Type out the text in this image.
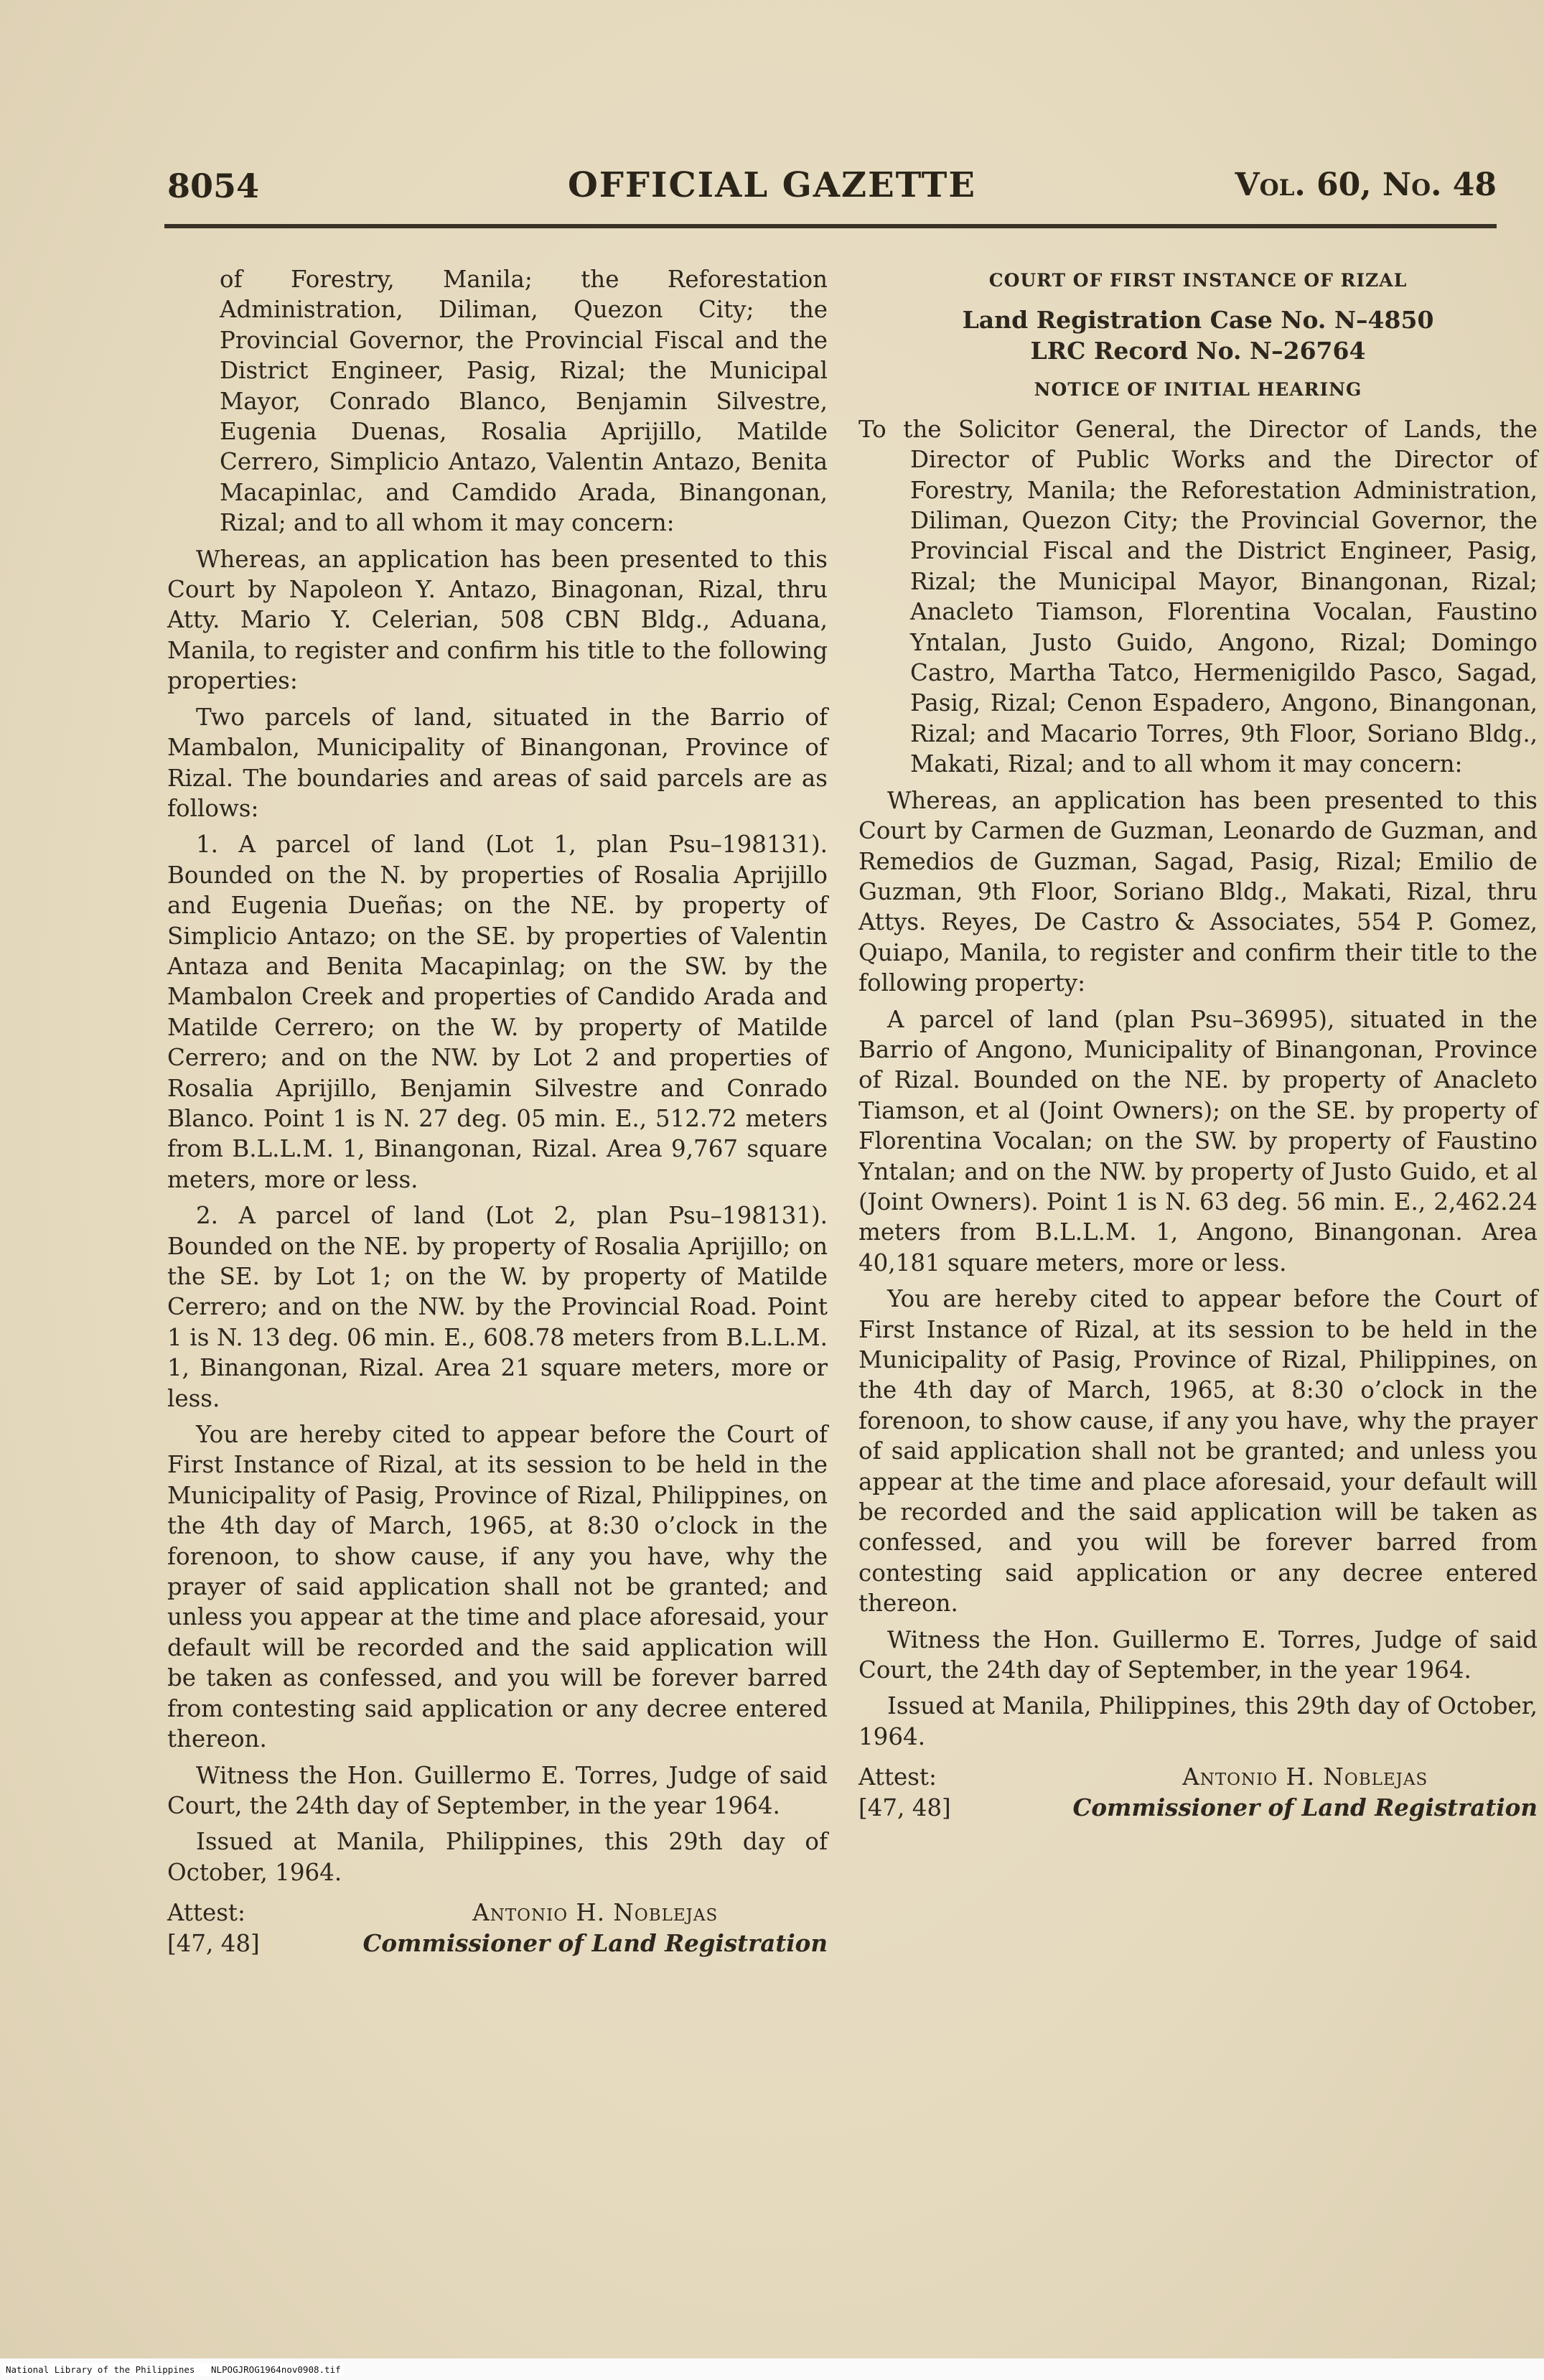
8054	OFFICIAL GAZETTE	Vol. 60, No. 48

of Forestry, Manila; the Reforestation Administration, Diliman, Quezon City; the Provincial Governor, the Provincial Fiscal and the District Engineer, Pasig, Rizal; the Municipal Mayor, Conrado Blanco, Benjamin Silvestre, Eugenia Duenas, Rosalia Aprijillo, Matilde Cerrero, Simplicio Antazo, Valentin Antazo, Benita Macapinlac, and Camdido Arada, Binangonan, Rizal; and to all whom it may concern:

Whereas, an application has been presented to this Court by Napoleon Y. Antazo, Binagonan, Rizal, thru Atty. Mario Y. Celerian, 508 CBN Bldg., Aduana, Manila, to register and confirm his title to the following properties:

Two parcels of land, situated in the Barrio of Mambalon, Municipality of Binangonan, Province of Rizal. The boundaries and areas of said parcels are as follows:

1. A parcel of land (Lot 1, plan Psu–198131). Bounded on the N. by properties of Rosalia Aprijillo and Eugenia Dueñas; on the NE. by property of Simplicio Antazo; on the SE. by properties of Valentin Antaza and Benita Macapinlag; on the SW. by the Mambalon Creek and properties of Candido Arada and Matilde Cerrero; on the W. by property of Matilde Cerrero; and on the NW. by Lot 2 and properties of Rosalia Aprijillo, Benjamin Silvestre and Conrado Blanco. Point 1 is N. 27 deg. 05 min. E., 512.72 meters from B.L.L.M. 1, Binangonan, Rizal. Area 9,767 square meters, more or less.

2. A parcel of land (Lot 2, plan Psu–198131). Bounded on the NE. by property of Rosalia Aprijillo; on the SE. by Lot 1; on the W. by property of Matilde Cerrero; and on the NW. by the Provincial Road. Point 1 is N. 13 deg. 06 min. E., 608.78 meters from B.L.L.M. 1, Binangonan, Rizal. Area 21 square meters, more or less.

You are hereby cited to appear before the Court of First Instance of Rizal, at its session to be held in the Municipality of Pasig, Province of Rizal, Philippines, on the 4th day of March, 1965, at 8:30 o’clock in the forenoon, to show cause, if any you have, why the prayer of said application shall not be granted; and unless you appear at the time and place aforesaid, your default will be recorded and the said application will be taken as confessed, and you will be forever barred from contesting said application or any decree entered thereon.

Witness the Hon. Guillermo E. Torres, Judge of said Court, the 24th day of September, in the year 1964.

Issued at Manila, Philippines, this 29th day of October, 1964.

Attest:
[47, 48]
Antonio H. Noblejas
Commissioner of Land Registration

COURT OF FIRST INSTANCE OF RIZAL

Land Registration Case No. N–4850

LRC Record No. N–26764

NOTICE OF INITIAL HEARING

To the Solicitor General, the Director of Lands, the Director of Public Works and the Director of Forestry, Manila; the Reforestation Administration, Diliman, Quezon City; the Provincial Governor, the Provincial Fiscal and the District Engineer, Pasig, Rizal; the Municipal Mayor, Binangonan, Rizal; Anacleto Tiamson, Florentina Vocalan, Faustino Yntalan, Justo Guido, Angono, Rizal; Domingo Castro, Martha Tatco, Hermenigildo Pasco, Sagad, Pasig, Rizal; Cenon Espadero, Angono, Binangonan, Rizal; and Macario Torres, 9th Floor, Soriano Bldg., Makati, Rizal; and to all whom it may concern:

Whereas, an application has been presented to this Court by Carmen de Guzman, Leonardo de Guzman, and Remedios de Guzman, Sagad, Pasig, Rizal; Emilio de Guzman, 9th Floor, Soriano Bldg., Makati, Rizal, thru Attys. Reyes, De Castro & Associates, 554 P. Gomez, Quiapo, Manila, to register and confirm their title to the following property:

A parcel of land (plan Psu–36995), situated in the Barrio of Angono, Municipality of Binangonan, Province of Rizal. Bounded on the NE. by property of Anacleto Tiamson, et al (Joint Owners); on the SE. by property of Florentina Vocalan; on the SW. by property of Faustino Yntalan; and on the NW. by property of Justo Guido, et al (Joint Owners). Point 1 is N. 63 deg. 56 min. E., 2,462.24 meters from B.L.L.M. 1, Angono, Binangonan. Area 40,181 square meters, more or less.

You are hereby cited to appear before the Court of First Instance of Rizal, at its session to be held in the Municipality of Pasig, Province of Rizal, Philippines, on the 4th day of March, 1965, at 8:30 o’clock in the forenoon, to show cause, if any you have, why the prayer of said application shall not be granted; and unless you appear at the time and place aforesaid, your default will be recorded and the said application will be taken as confessed, and you will be forever barred from contesting said application or any decree entered thereon.

Witness the Hon. Guillermo E. Torres, Judge of said Court, the 24th day of September, in the year 1964.

Issued at Manila, Philippines, this 29th day of October, 1964.

Attest:
[47, 48]
Antonio H. Noblejas
Commissioner of Land Registration
National Library of the Philippines NLPOGJROG1964nov0908.tif
